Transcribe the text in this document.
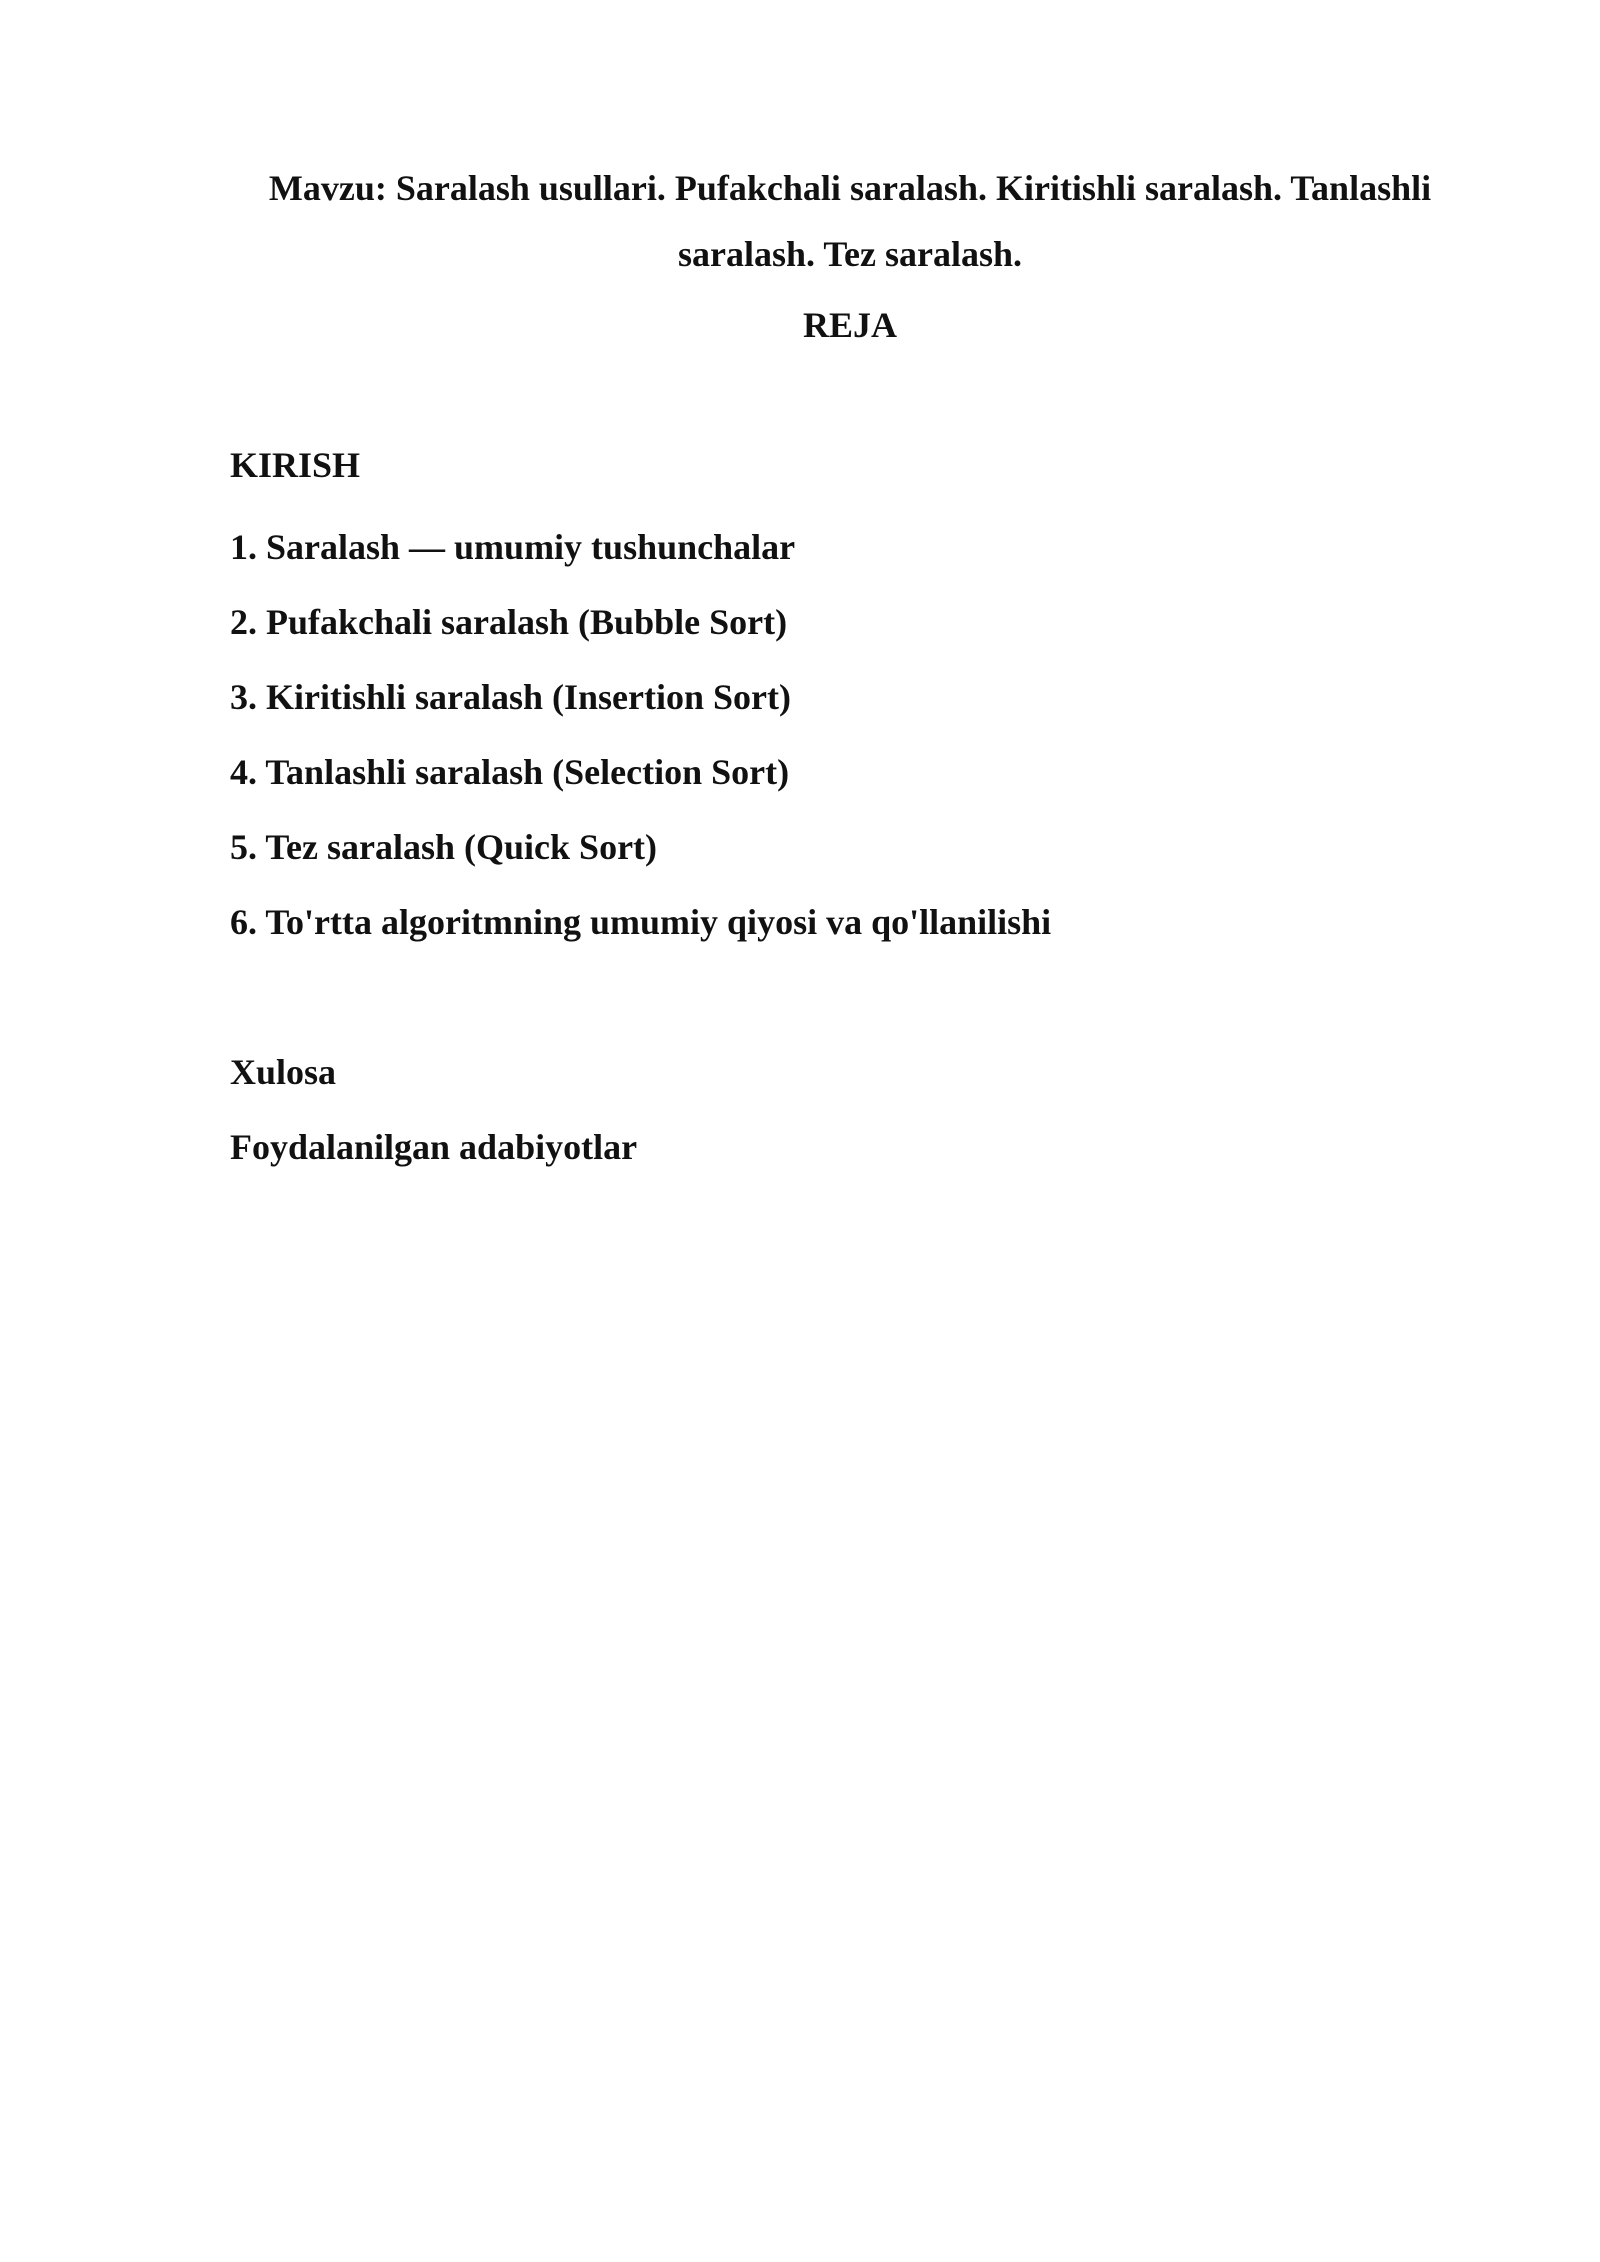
Mavzu: Saralash usullari. Pufakchali saralash. Kiritishli saralash. Tanlashli saralash. Tez saralash.
REJA
KIRISH
1. Saralash — umumiy tushunchalar
2. Pufakchali saralash (Bubble Sort)
3. Kiritishli saralash (Insertion Sort)
4. Tanlashli saralash (Selection Sort)
5. Tez saralash (Quick Sort)
6. To'rtta algoritmning umumiy qiyosi va qo'llanilishi
Xulosa
Foydalanilgan adabiyotlar
